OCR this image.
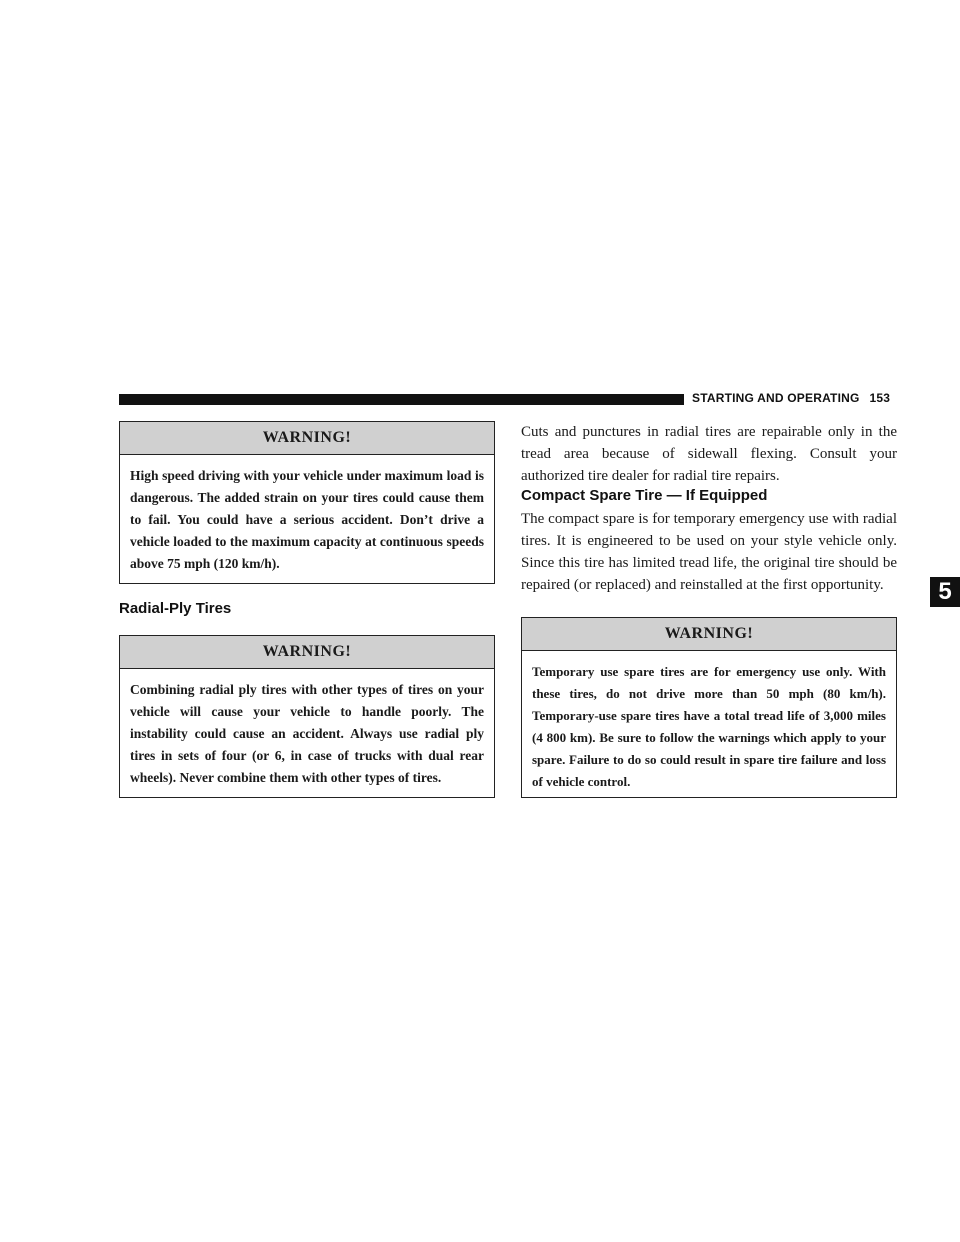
STARTING AND OPERATING 153
5
WARNING!
High speed driving with your vehicle under maximum load is dangerous. The added strain on your tires could cause them to fail. You could have a serious accident. Don’t drive a vehicle loaded to the maximum capacity at continuous speeds above 75 mph (120 km/h).
Radial-Ply Tires
WARNING!
Combining radial ply tires with other types of tires on your vehicle will cause your vehicle to handle poorly. The instability could cause an accident. Always use radial ply tires in sets of four (or 6, in case of trucks with dual rear wheels). Never combine them with other types of tires.
Cuts and punctures in radial tires are repairable only in the tread area because of sidewall flexing. Consult your authorized tire dealer for radial tire repairs.
Compact Spare Tire — If Equipped
The compact spare is for temporary emergency use with radial tires. It is engineered to be used on your style vehicle only. Since this tire has limited tread life, the original tire should be repaired (or replaced) and reinstalled at the first opportunity.
WARNING!
Temporary use spare tires are for emergency use only. With these tires, do not drive more than 50 mph (80 km/h). Temporary-use spare tires have a total tread life of 3,000 miles (4 800 km). Be sure to follow the warnings which apply to your spare. Failure to do so could result in spare tire failure and loss of vehicle control.
